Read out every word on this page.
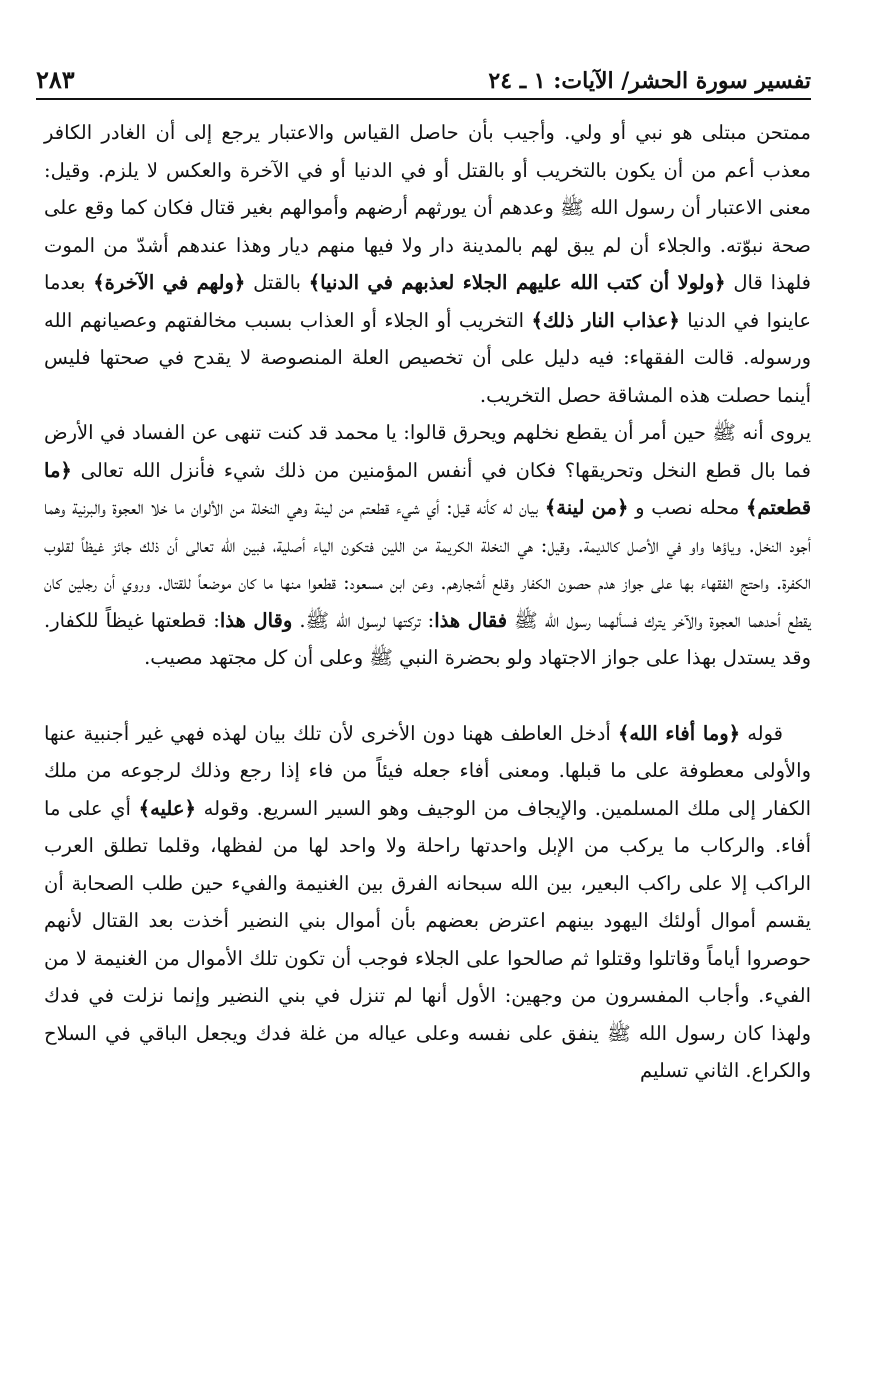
تفسير سورة الحشر/ الآيات: ١ ـ ٢٤
٢٨٣

ممتحن مبتلى هو نبي أو ولي. وأجيب بأن حاصل القياس والاعتبار يرجع إلى أن الغادر الكافر معذب أعم من أن يكون بالتخريب أو بالقتل أو في الدنيا أو في الآخرة والعكس لا يلزم. وقيل: معنى الاعتبار أن رسول الله ﷺ وعدهم أن يورثهم أرضهم وأموالهم بغير قتال فكان كما وقع على صحة نبوّته. والجلاء أن لم يبق لهم بالمدينة دار ولا فيها منهم ديار وهذا عندهم أشدّ من الموت فلهذا قال ﴿ولولا أن كتب الله عليهم الجلاء لعذبهم في الدنيا﴾ بالقتل ﴿ولهم في الآخرة﴾ بعدما عاينوا في الدنيا ﴿عذاب النار ذلك﴾ التخريب أو الجلاء أو العذاب بسبب مخالفتهم وعصيانهم الله ورسوله. قالت الفقهاء: فيه دليل على أن تخصيص العلة المنصوصة لا يقدح في صحتها فليس أينما حصلت هذه المشاقة حصل التخريب.

يروى أنه ﷺ حين أمر أن يقطع نخلهم ويحرق قالوا: يا محمد قد كنت تنهى عن الفساد في الأرض فما بال قطع النخل وتحريقها؟ فكان في أنفس المؤمنين من ذلك شيء فأنزل الله تعالى ﴿ما قطعتم﴾ محله نصب و ﴿من لينة﴾ بيان له كأنه قيل: أي شيء قطعتم من لينة وهي النخلة من الألوان ما خلا العجوة والبرنية وهما أجود النخل. وياؤها واو في الأصل كالديمة. وقيل: هي النخلة الكريمة من اللين فتكون الياء أصلية، فبين الله تعالى أن ذلك جائز غيظاً لقلوب الكفرة. واحتج الفقهاء بها على جواز هدم حصون الكفار وقلع أشجارهم. وعن ابن مسعود: قطعوا منها ما كان موضعاً للقتال. وروي أن رجلين كان يقطع أحدهما العجوة والآخر يترك فسألهما رسول الله ﷺ فقال هذا: تركتها لرسول الله ﷺ. وقال هذا: قطعتها غيظاً للكفار. وقد يستدل بهذا على جواز الاجتهاد ولو بحضرة النبي ﷺ وعلى أن كل مجتهد مصيب.

قوله ﴿وما أفاء الله﴾ أدخل العاطف ههنا دون الأخرى لأن تلك بيان لهذه فهي غير أجنبية عنها والأولى معطوفة على ما قبلها. ومعنى أفاء جعله فيئاً من فاء إذا رجع وذلك لرجوعه من ملك الكفار إلى ملك المسلمين. والإيجاف من الوجيف وهو السير السريع. وقوله ﴿عليه﴾ أي على ما أفاء. والركاب ما يركب من الإبل واحدتها راحلة ولا واحد لها من لفظها، وقلما تطلق العرب الراكب إلا على راكب البعير، بين الله سبحانه الفرق بين الغنيمة والفيء حين طلب الصحابة أن يقسم أموال أولئك اليهود بينهم اعترض بعضهم بأن أموال بني النضير أخذت بعد القتال لأنهم حوصروا أياماً وقاتلوا وقتلوا ثم صالحوا على الجلاء فوجب أن تكون تلك الأموال من الغنيمة لا من الفيء. وأجاب المفسرون من وجهين: الأول أنها لم تنزل في بني النضير وإنما نزلت في فدك ولهذا كان رسول الله ﷺ ينفق على نفسه وعلى عياله من غلة فدك ويجعل الباقي في السلاح والكراع. الثاني تسليم
